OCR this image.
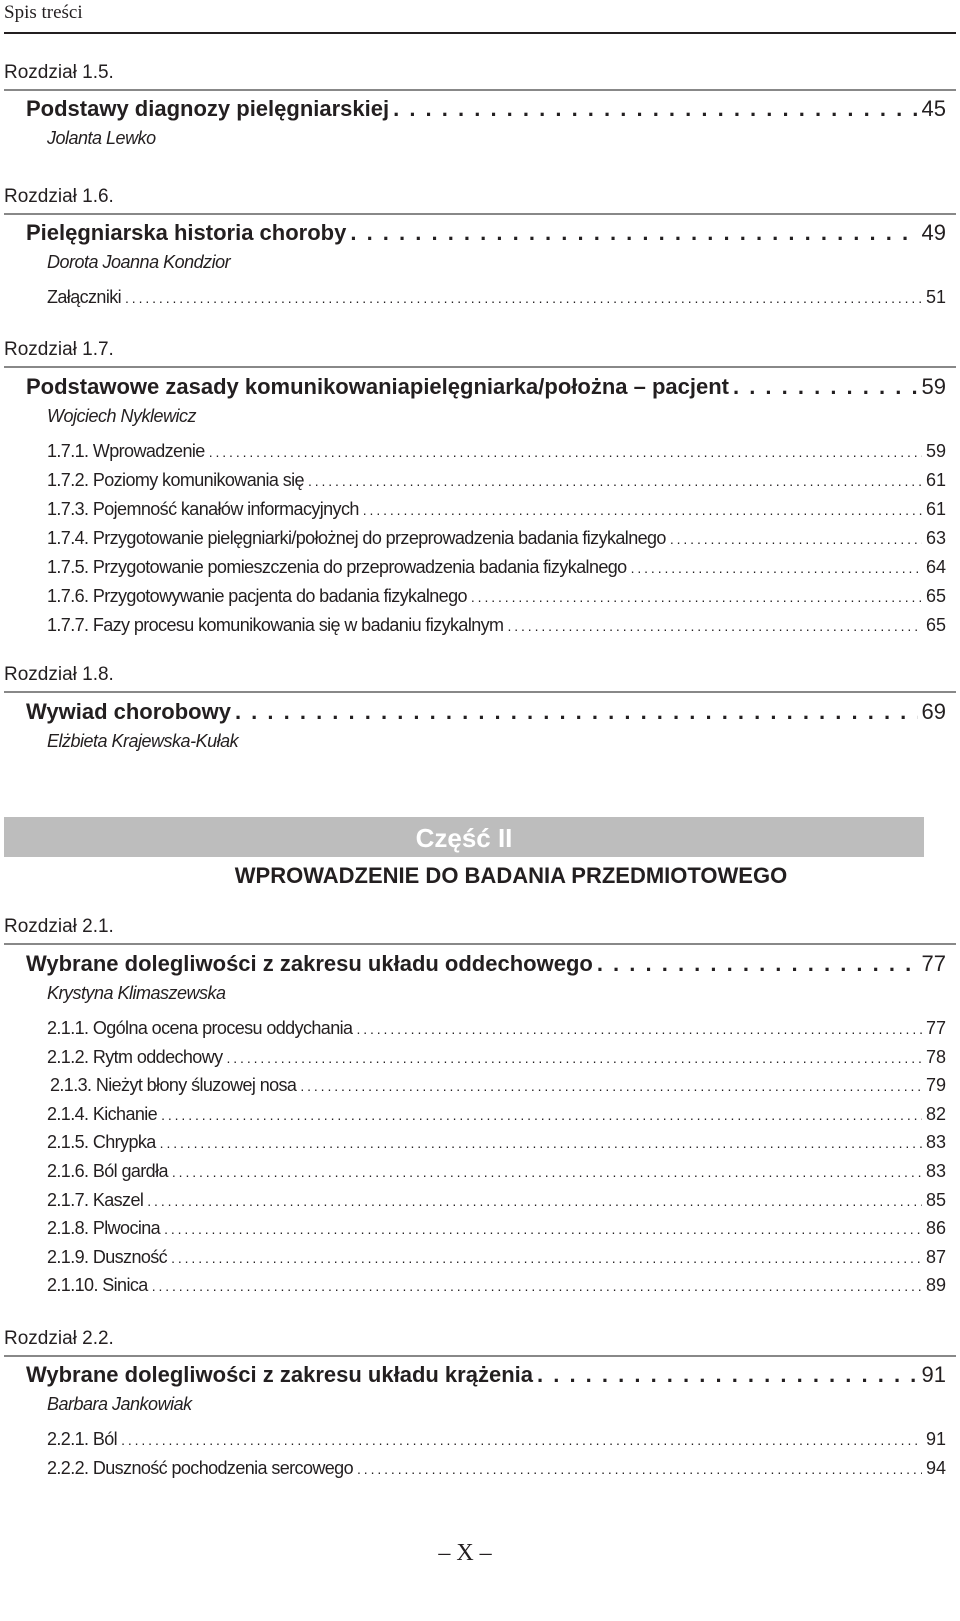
Spis treści
Rozdział 1.5.
Podstawy diagnozy pielęgniarskiej . . .	45
Jolanta Lewko
Rozdział 1.6.
Pielęgniarska historia choroby . . .	49
Dorota Joanna Kondzior
Załączniki . . .	51
Rozdział 1.7.
Podstawowe zasady komunikowaniapielęgniarka/położna – pacjent . . .	59
Wojciech Nyklewicz
1.7.1. Wprowadzenie . . .	59
1.7.2. Poziomy komunikowania się . . .	61
1.7.3. Pojemność kanałów informacyjnych . . .	61
1.7.4. Przygotowanie pielęgniarki/położnej do przeprowadzenia badania fizykalnego . . .	63
1.7.5. Przygotowanie pomieszczenia do przeprowadzenia badania fizykalnego . . .	64
1.7.6. Przygotowywanie pacjenta do badania fizykalnego . . .	65
1.7.7. Fazy procesu komunikowania się w badaniu fizykalnym . . .	65
Rozdział 1.8.
Wywiad chorobowy . . .	69
Elżbieta Krajewska-Kułak
Część II
WPROWADZENIE DO BADANIA PRZEDMIOTOWEGO
Rozdział 2.1.
Wybrane dolegliwości z zakresu układu oddechowego . . .	77
Krystyna Klimaszewska
2.1.1. Ogólna ocena procesu oddychania . . .	77
2.1.2. Rytm oddechowy . . .	78
2.1.3. Nieżyt błony śluzowej nosa . . .	79
2.1.4. Kichanie . . .	82
2.1.5. Chrypka . . .	83
2.1.6. Ból gardła . . .	83
2.1.7. Kaszel . . .	85
2.1.8. Plwocina . . .	86
2.1.9. Duszność . . .	87
2.1.10. Sinica . . .	89
Rozdział 2.2.
Wybrane dolegliwości z zakresu układu krążenia . . .	91
Barbara Jankowiak
2.2.1. Ból . . .	91
2.2.2. Duszność pochodzenia sercowego . . .	94
– X –
